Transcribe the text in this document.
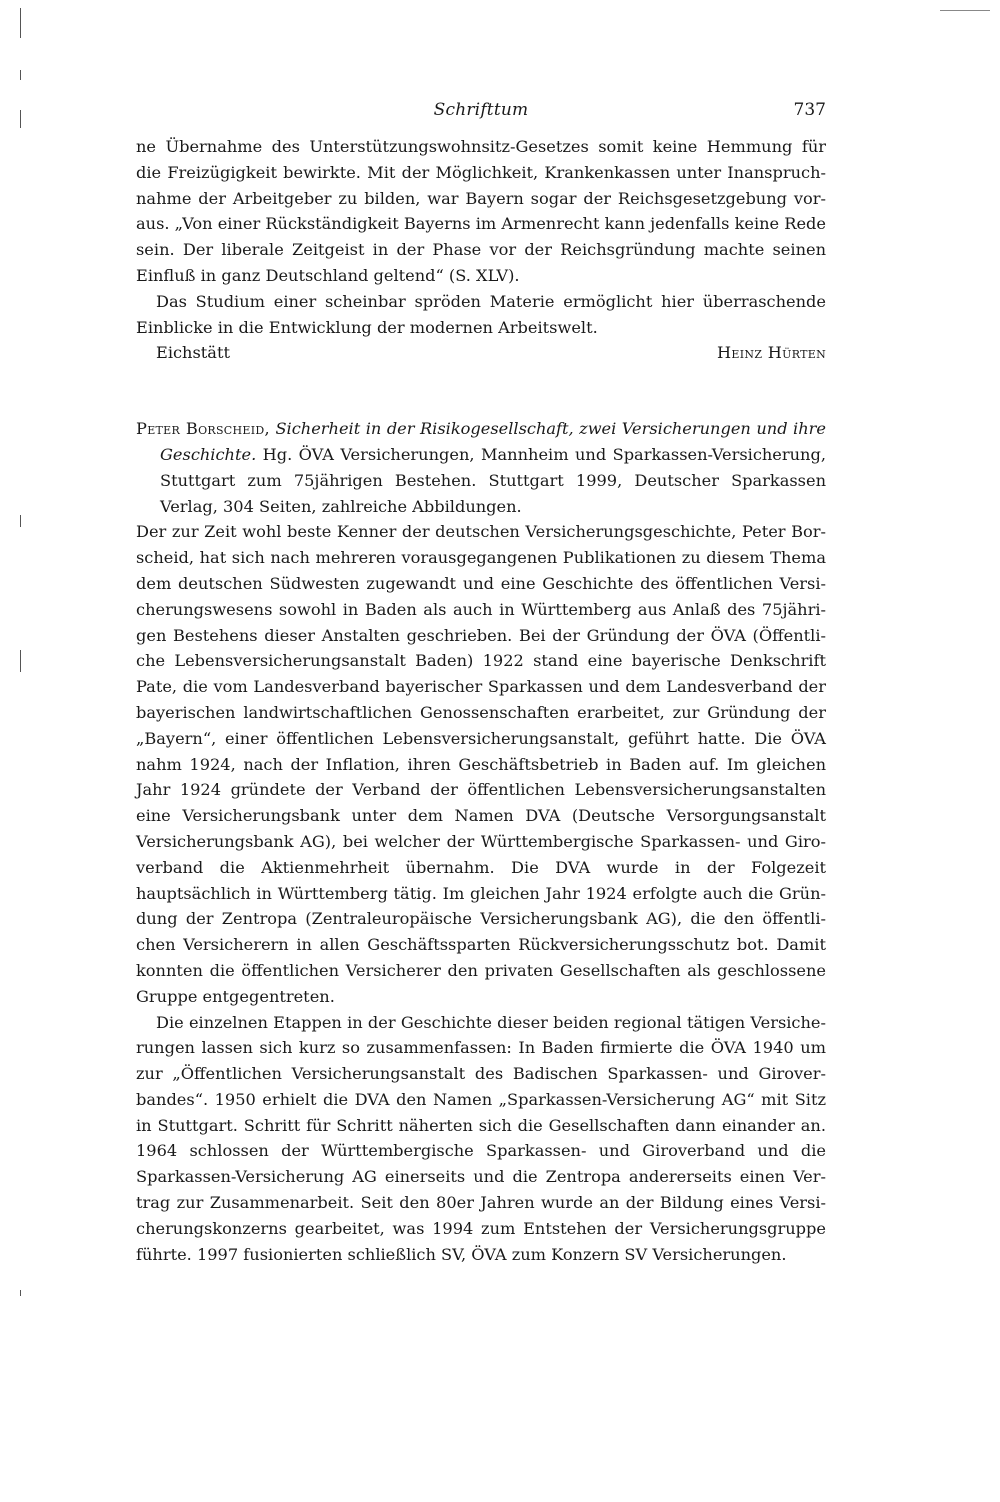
Schrifttum	737

ne Übernahme des Unterstützungswohnsitz-Gesetzes somit keine Hemmung für die Freizügigkeit bewirkte. Mit der Möglichkeit, Krankenkassen unter Inanspruchnahme der Arbeitgeber zu bilden, war Bayern sogar der Reichsgesetzgebung voraus. „Von einer Rückständigkeit Bayerns im Armenrecht kann jedenfalls keine Rede sein. Der liberale Zeitgeist in der Phase vor der Reichsgründung machte seinen Einfluß in ganz Deutschland geltend“ (S. XLV).

Das Studium einer scheinbar spröden Materie ermöglicht hier überraschende Einblicke in die Entwicklung der modernen Arbeitswelt.

Eichstätt	Heinz Hürten

Peter Borscheid, Sicherheit in der Risikogesellschaft, zwei Versicherungen und ihre Geschichte. Hg. ÖVA Versicherungen, Mannheim und Sparkassen-Versicherung, Stuttgart zum 75jährigen Bestehen. Stuttgart 1999, Deutscher Sparkassen Verlag, 304 Seiten, zahlreiche Abbildungen.

Der zur Zeit wohl beste Kenner der deutschen Versicherungsgeschichte, Peter Borscheid, hat sich nach mehreren vorausgegangenen Publikationen zu diesem Thema dem deutschen Südwesten zugewandt und eine Geschichte des öffentlichen Versicherungswesens sowohl in Baden als auch in Württemberg aus Anlaß des 75jährigen Bestehens dieser Anstalten geschrieben. Bei der Gründung der ÖVA (Öffentliche Lebensversicherungsanstalt Baden) 1922 stand eine bayerische Denkschrift Pate, die vom Landesverband bayerischer Sparkassen und dem Landesverband der bayerischen landwirtschaftlichen Genossenschaften erarbeitet, zur Gründung der „Bayern“, einer öffentlichen Lebensversicherungsanstalt, geführt hatte. Die ÖVA nahm 1924, nach der Inflation, ihren Geschäftsbetrieb in Baden auf. Im gleichen Jahr 1924 gründete der Verband der öffentlichen Lebensversicherungsanstalten eine Versicherungsbank unter dem Namen DVA (Deutsche Versorgungsanstalt Versicherungsbank AG), bei welcher der Württembergische Sparkassen- und Giroverband die Aktienmehrheit übernahm. Die DVA wurde in der Folgezeit hauptsächlich in Württemberg tätig. Im gleichen Jahr 1924 erfolgte auch die Gründung der Zentropa (Zentraleuropäische Versicherungsbank AG), die den öffentlichen Versicherern in allen Geschäftssparten Rückversicherungsschutz bot. Damit konnten die öffentlichen Versicherer den privaten Gesellschaften als geschlossene Gruppe entgegentreten.

Die einzelnen Etappen in der Geschichte dieser beiden regional tätigen Versicherungen lassen sich kurz so zusammenfassen: In Baden firmierte die ÖVA 1940 um zur „Öffentlichen Versicherungsanstalt des Badischen Sparkassen- und Giroverbandes“. 1950 erhielt die DVA den Namen „Sparkassen-Versicherung AG“ mit Sitz in Stuttgart. Schritt für Schritt näherten sich die Gesellschaften dann einander an. 1964 schlossen der Württembergische Sparkassen- und Giroverband und die Sparkassen-Versicherung AG einerseits und die Zentropa andererseits einen Vertrag zur Zusammenarbeit. Seit den 80er Jahren wurde an der Bildung eines Versicherungskonzerns gearbeitet, was 1994 zum Entstehen der Versicherungsgruppe führte. 1997 fusionierten schließlich SV, ÖVA zum Konzern SV Versicherungen.
